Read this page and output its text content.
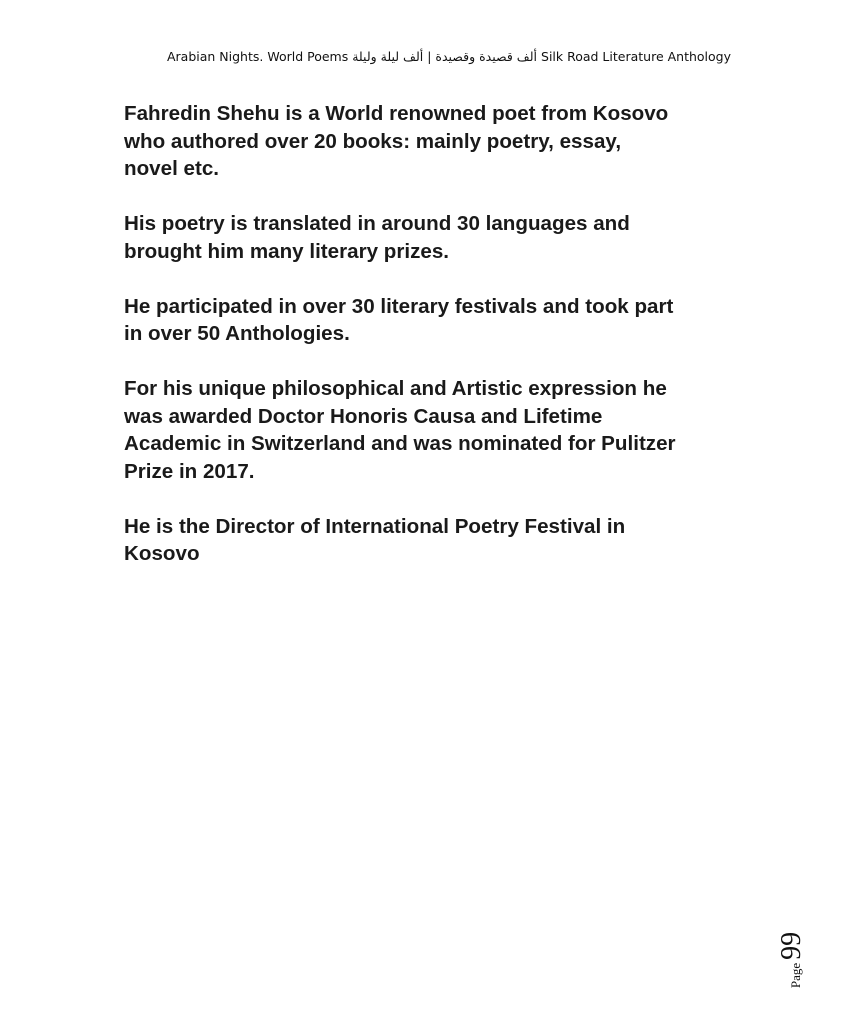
Arabian Nights. World Poems ألف قصيدة وقصيدة | ألف ليلة وليلة Silk Road Literature Anthology

Fahredin Shehu is a World renowned poet from Kosovo
who authored over 20 books: mainly poetry, essay,
novel etc.

His poetry is translated in around 30 languages and
brought him many literary prizes.

He participated in over 30 literary festivals and took part
in over 50 Anthologies.

For his unique philosophical and Artistic expression he
was awarded Doctor Honoris Causa and Lifetime
Academic in Switzerland and was nominated for Pulitzer
Prize in 2017.

He is the Director of International Poetry Festival in
Kosovo

Page
99
